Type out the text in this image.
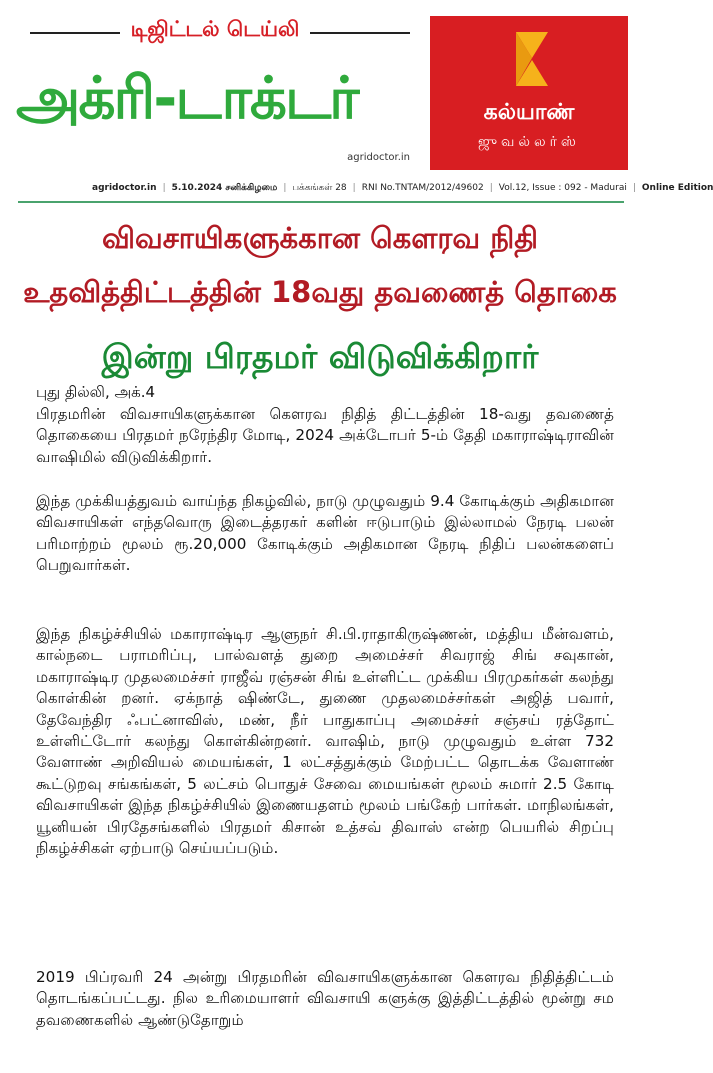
டிஜிட்டல் டெய்லி
அக்ரி-டாக்டர்
agridoctor.in
கல்யாண்
ஜுவல்லர்ஸ்
agridoctor.in | 5.10.2024 சனிக்கிழமை | பக்கங்கள் 28 | RNI No.TNTAM/2012/49602 | Vol.12, Issue : 092 - Madurai | Online Edition
விவசாயிகளுக்கான கௌரவ நிதி
உதவித்திட்டத்தின் 18வது தவணைத் தொகை
இன்று பிரதமர் விடுவிக்கிறார்
புது தில்லி, அக்.4
பிரதமரின் விவசாயிகளுக்கான கௌரவ நிதித் திட்டத்தின் 18-வது தவணைத் தொகையை பிரதமர் நரேந்திர மோடி, 2024 அக்டோபர் 5-ம் தேதி மகாராஷ்டிராவின் வாஷிமில் விடுவிக்கிறார்.
இந்த முக்கியத்துவம் வாய்ந்த நிகழ்வில், நாடு முழுவதும் 9.4 கோடிக்கும் அதிகமான விவசாயிகள் எந்தவொரு இடைத்தரகர் களின் ஈடுபாடும் இல்லாமல் நேரடி பலன் பரிமாற்றம் மூலம் ரூ.20,000 கோடிக்கும் அதிகமான நேரடி நிதிப் பலன்களைப் பெறுவார்கள்.
இந்த நிகழ்ச்சியில் மகாராஷ்டிர ஆளுநர் சி.பி.ராதாகிருஷ்ணன், மத்திய மீன்வளம், கால்நடை பராமரிப்பு, பால்வளத் துறை அமைச்சர் சிவராஜ் சிங் சவுகான், மகாராஷ்டிர முதலமைச்சர் ராஜீவ் ரஞ்சன் சிங் உள்ளிட்ட முக்கிய பிரமுகர்கள் கலந்து கொள்கின் றனர். ஏக்நாத் ஷிண்டே, துணை முதலமைச்சர்கள் அஜித் பவார், தேவேந்திர ஃபட்னாவிஸ், மண், நீர் பாதுகாப்பு அமைச்சர் சஞ்சய் ரத்தோட் உள்ளிட்டோர் கலந்து கொள்கின்றனர். வாஷிம், நாடு முழுவதும் உள்ள 732 வேளாண் அறிவியல் மையங்கள், 1 லட்சத்துக்கும் மேற்பட்ட தொடக்க வேளாண் கூட்டுறவு சங்கங்கள், 5 லட்சம் பொதுச் சேவை மையங்கள் மூலம் சுமார் 2.5 கோடி விவசாயிகள் இந்த நிகழ்ச்சியில் இணையதளம் மூலம் பங்கேற் பார்கள். மாநிலங்கள், யூனியன் பிரதேசங்களில் பிரதமர் கிசான் உத்சவ் திவாஸ் என்ற பெயரில் சிறப்பு நிகழ்ச்சிகள் ஏற்பாடு செய்யப்படும்.
2019 பிப்ரவரி 24 அன்று பிரதமரின் விவசாயிகளுக்கான கௌரவ நிதித்திட்டம் தொடங்கப்பட்டது. நில உரிமையாளர் விவசாயி களுக்கு இத்திட்டத்தில் மூன்று சம தவணைகளில் ஆண்டுதோறும்
